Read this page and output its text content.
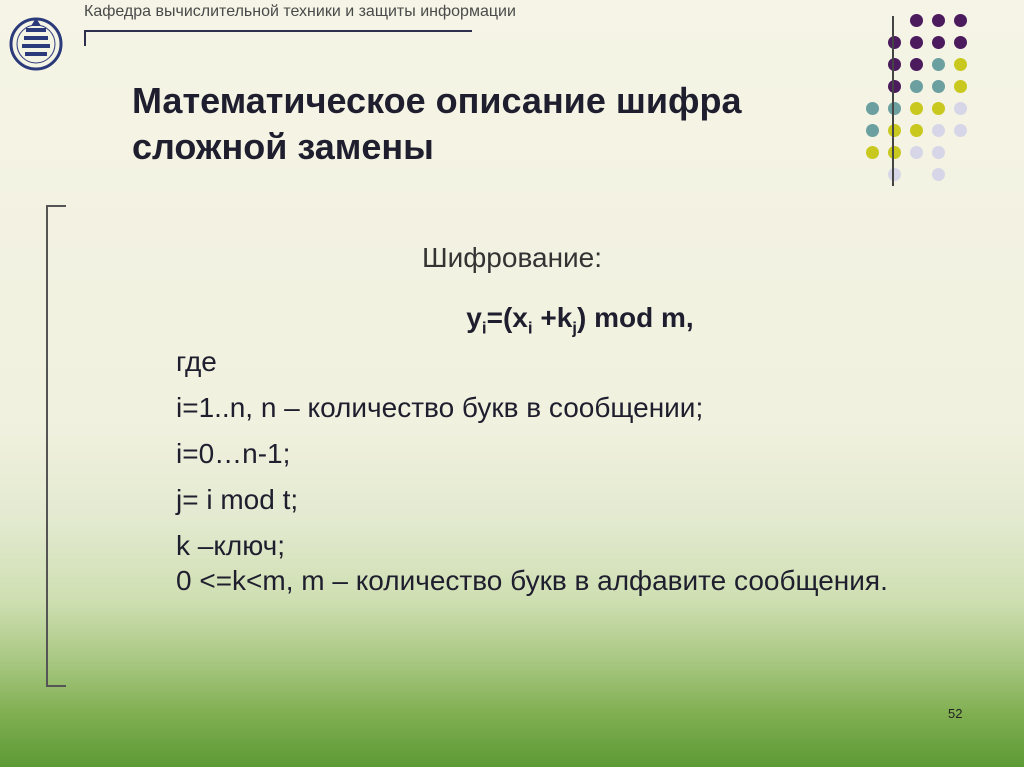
Кафедра вычислительной техники и защиты информации
Математическое описание шифра
сложной замены
Шифрование:
$y_i=(x_i +k_j)$ mod m,
где
i=1..n, n – количество букв в сообщении;
i=0…n-1;
j= i mod t;
k –ключ;
0 <=k<m, m – количество букв в алфавите сообщения.
52
